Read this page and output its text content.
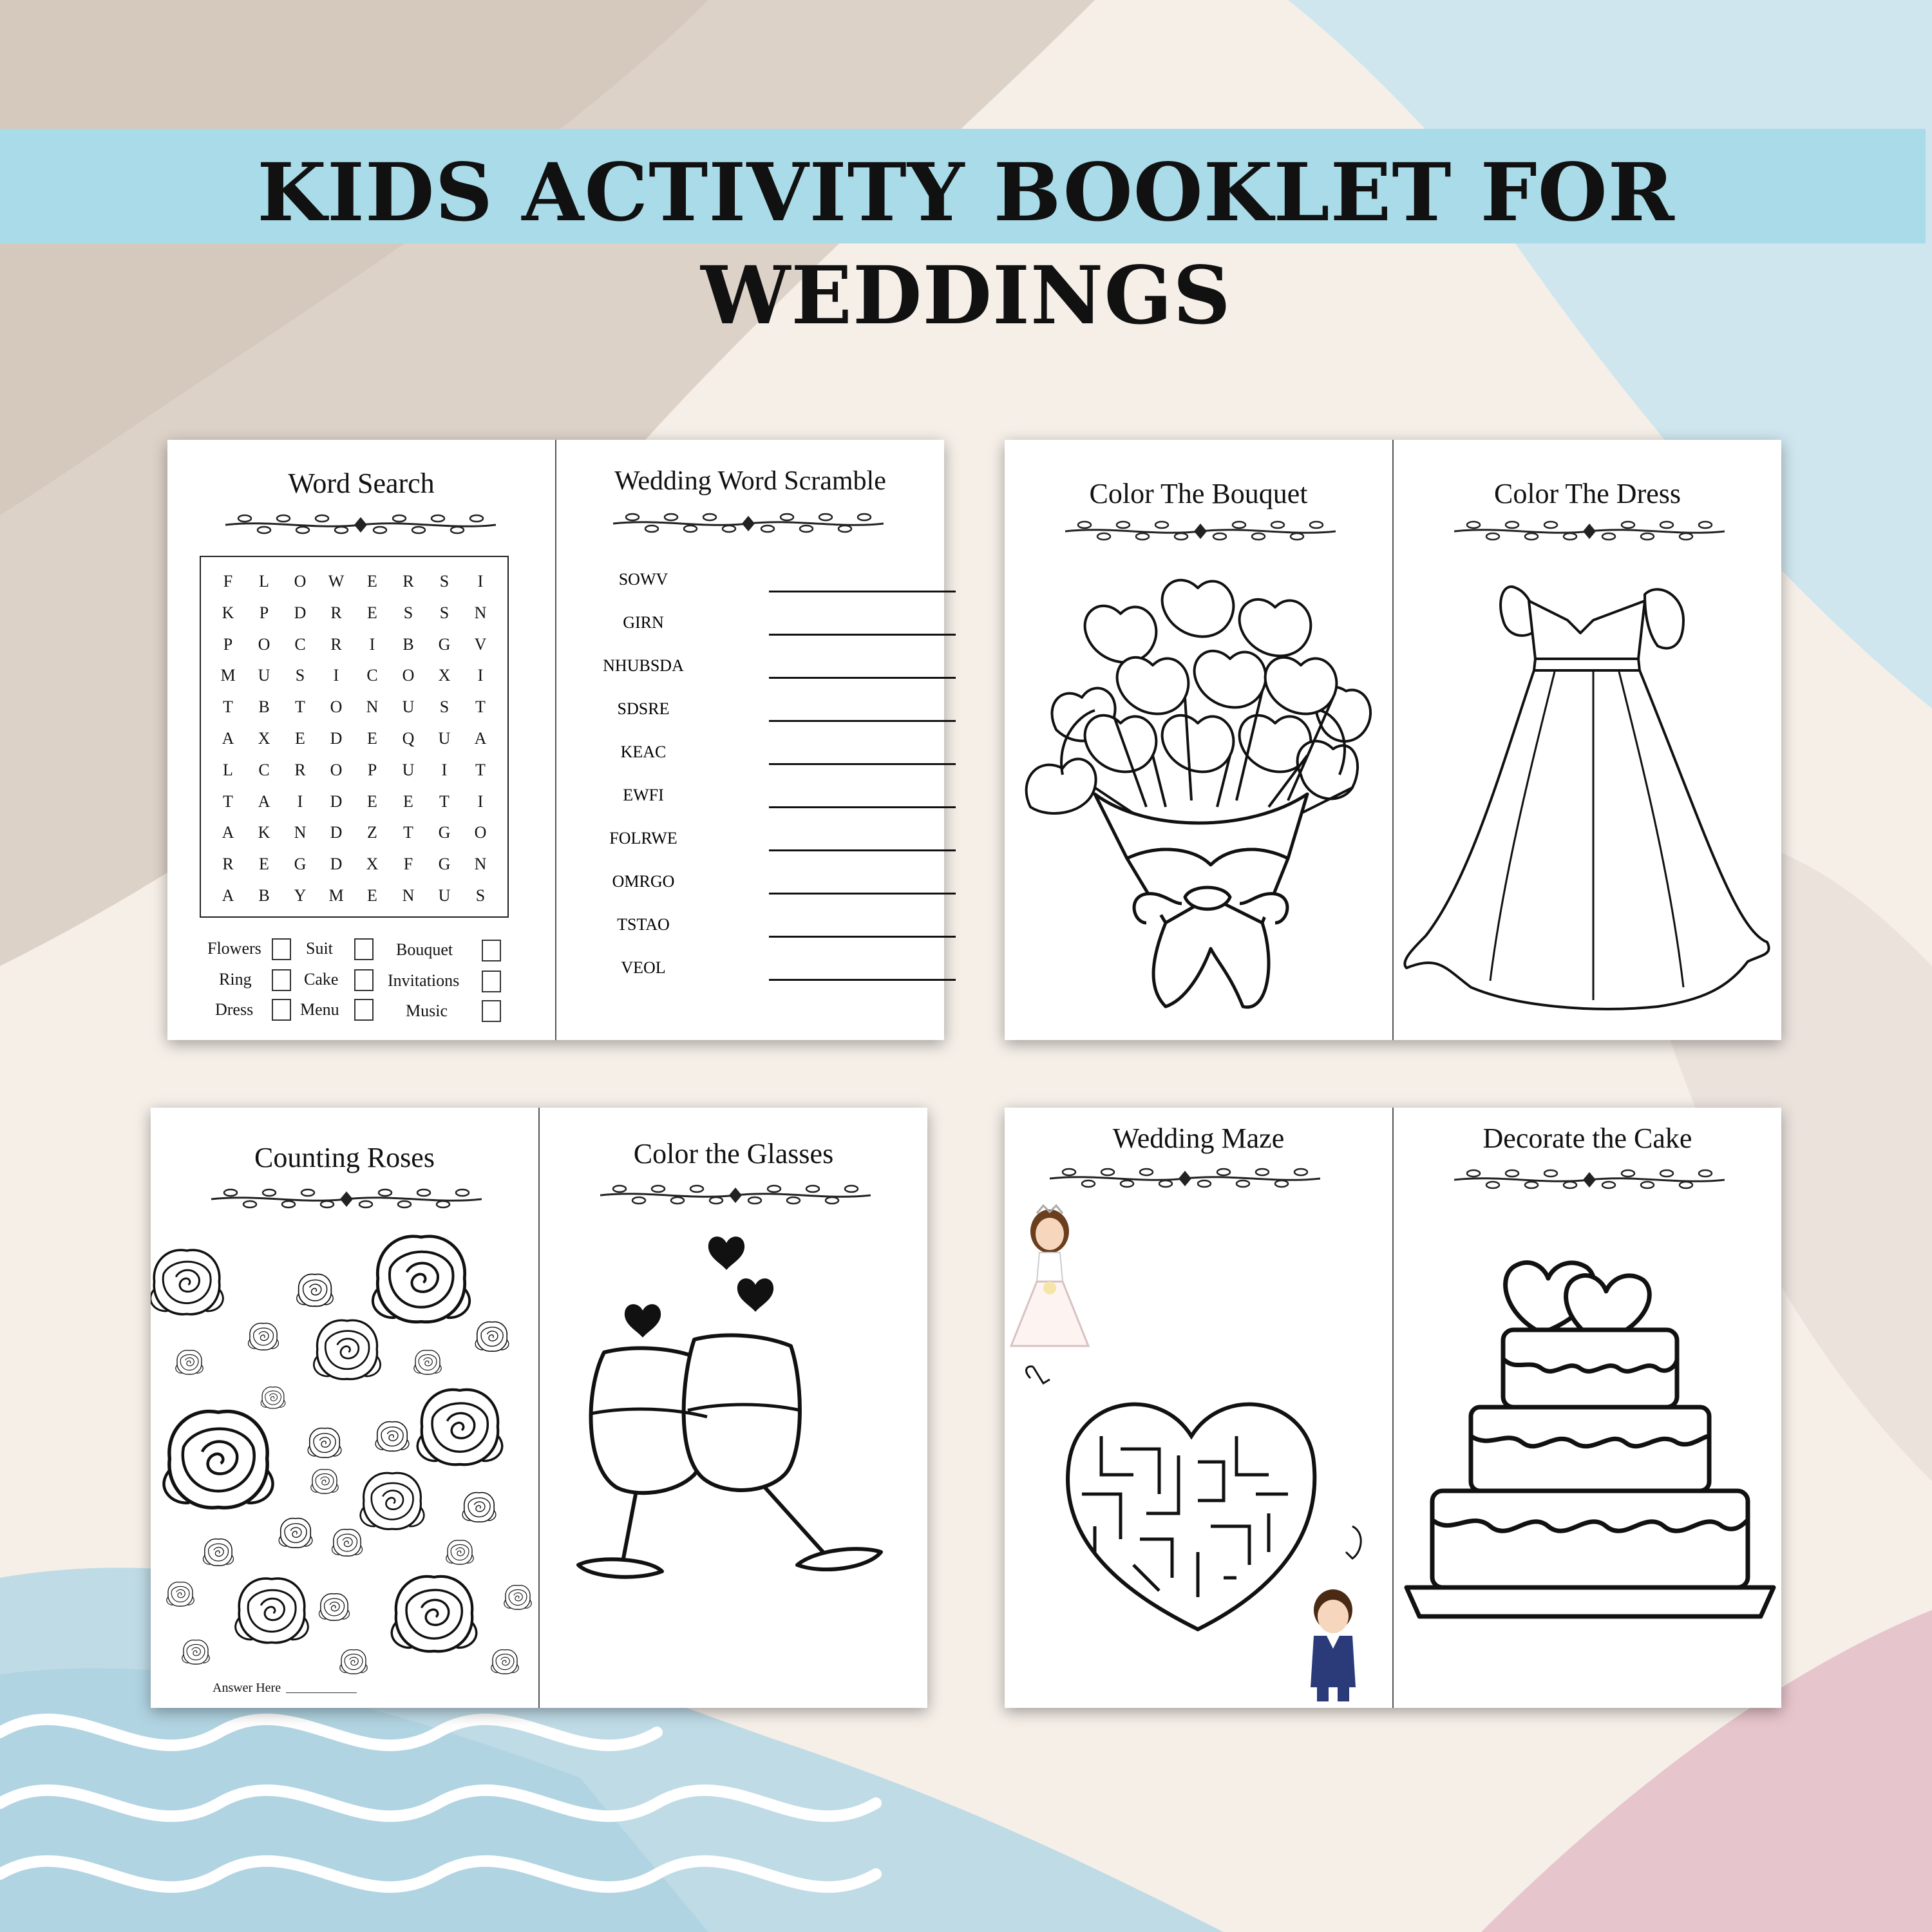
KIDS ACTIVITY BOOKLET FOR WEDDINGS
Word Search
F	L	O	W	E	R	S	I
K	P	D	R	E	S	S	N
P	O	C	R	I	B	G	V
M	U	S	I	C	O	X	I
T	B	T	O	N	U	S	T
A	X	E	D	E	Q	U	A
L	C	R	O	P	U	I	T
T	A	I	D	E	E	T	I
A	K	N	D	Z	T	G	O
R	E	G	D	X	F	G	N
A	B	Y	M	E	N	U	S
Flowers	Suit	Bouquet
Ring	Cake	Invitations
Dress	Menu	Music
Wedding Word Scramble
SOWV
GIRN
NHUBSDA
SDSRE
KEAC
EWFI
FOLRWE
OMRGO
TSTAO
VEOL
Color The Bouquet	Color The Dress
Counting Roses
Answer Here
Color the Glasses	Wedding Maze	Decorate the Cake
